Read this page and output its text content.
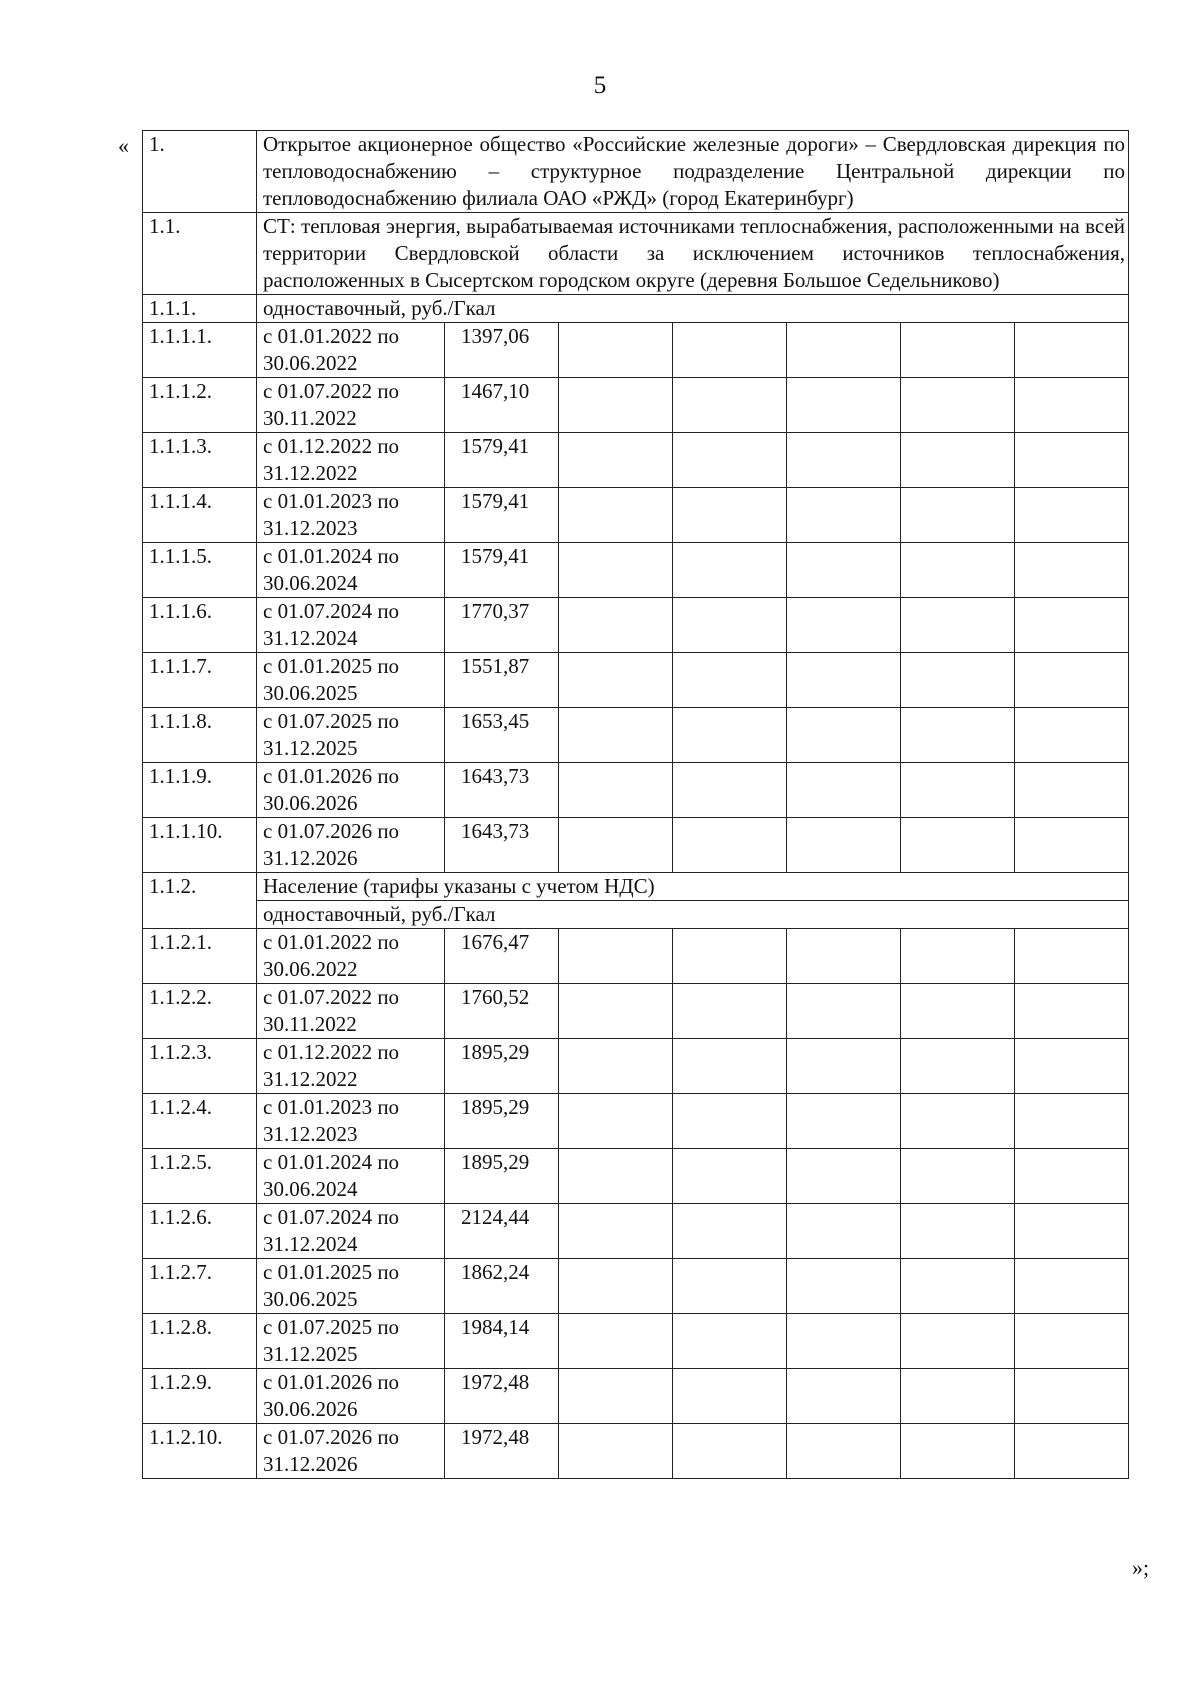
5
«
»;
1.	Открытое акционерное общество «Российские железные дороги» – Свердловская дирекция по тепловодоснабжению – структурное подразделение Центральной дирекции по тепловодоснабжению филиала ОАО «РЖД» (город Екатеринбург)						
1.1.	СТ: тепловая энергия, вырабатываемая источниками теплоснабжения, расположенными на всей территории Свердловской области за исключением источников теплоснабжения, расположенных в Сысертском городском округе (деревня Большое Седельниково)						
1.1.1.	одноставочный, руб./Гкал						
1.1.1.1.	с 01.01.2022 по 30.06.2022	1397,06					
1.1.1.2.	с 01.07.2022 по 30.11.2022	1467,10					
1.1.1.3.	с 01.12.2022 по 31.12.2022	1579,41					
1.1.1.4.	с 01.01.2023 по 31.12.2023	1579,41					
1.1.1.5.	с 01.01.2024 по 30.06.2024	1579,41					
1.1.1.6.	с 01.07.2024 по 31.12.2024	1770,37					
1.1.1.7.	с 01.01.2025 по 30.06.2025	1551,87					
1.1.1.8.	с 01.07.2025 по 31.12.2025	1653,45					
1.1.1.9.	с 01.01.2026 по 30.06.2026	1643,73					
1.1.1.10.	с 01.07.2026 по 31.12.2026	1643,73					
1.1.2.	Население (тарифы указаны с учетом НДС)						
	одноставочный, руб./Гкал						
1.1.2.1.	с 01.01.2022 по 30.06.2022	1676,47					
1.1.2.2.	с 01.07.2022 по 30.11.2022	1760,52					
1.1.2.3.	с 01.12.2022 по 31.12.2022	1895,29					
1.1.2.4.	с 01.01.2023 по 31.12.2023	1895,29					
1.1.2.5.	с 01.01.2024 по 30.06.2024	1895,29					
1.1.2.6.	с 01.07.2024 по 31.12.2024	2124,44					
1.1.2.7.	с 01.01.2025 по 30.06.2025	1862,24					
1.1.2.8.	с 01.07.2025 по 31.12.2025	1984,14					
1.1.2.9.	с 01.01.2026 по 30.06.2026	1972,48					
1.1.2.10.	с 01.07.2026 по 31.12.2026	1972,48					
